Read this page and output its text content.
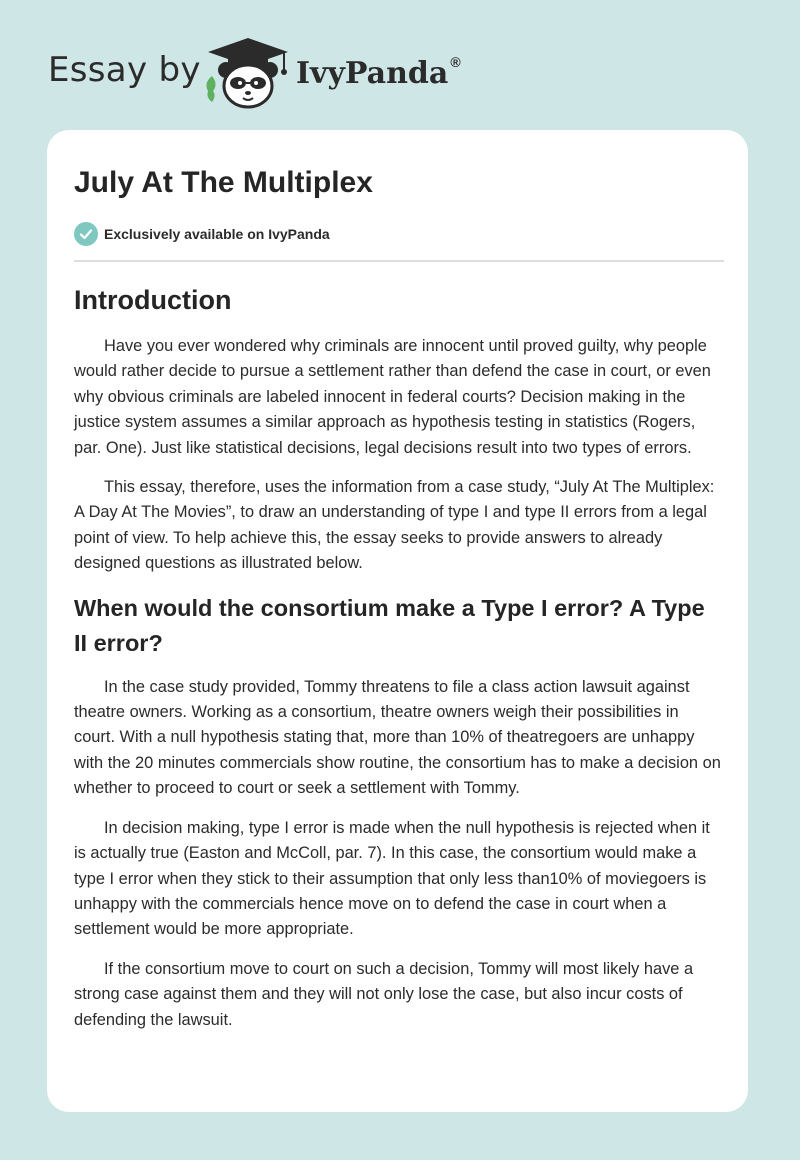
Essay by	IvyPanda ®
July At The Multiplex
Exclusively available on IvyPanda
Introduction

Have you ever wondered why criminals are innocent until proved guilty, why people would rather decide to pursue a settlement rather than defend the case in court, or even why obvious criminals are labeled innocent in federal courts? Decision making in the justice system assumes a similar approach as hypothesis testing in statistics (Rogers, par. One). Just like statistical decisions, legal decisions result into two types of errors.

This essay, therefore, uses the information from a case study, “July At The Multiplex: A Day At The Movies”, to draw an understanding of type I and type II errors from a legal point of view. To help achieve this, the essay seeks to provide answers to already designed questions as illustrated below.

When would the consortium make a Type I error? A Type II error?

In the case study provided, Tommy threatens to file a class action lawsuit against theatre owners. Working as a consortium, theatre owners weigh their possibilities in court. With a null hypothesis stating that, more than 10% of theatregoers are unhappy with the 20 minutes commercials show routine, the consortium has to make a decision on whether to proceed to court or seek a settlement with Tommy.

In decision making, type I error is made when the null hypothesis is rejected when it is actually true (Easton and McColl, par. 7). In this case, the consortium would make a type I error when they stick to their assumption that only less than10% of moviegoers is unhappy with the commercials hence move on to defend the case in court when a settlement would be more appropriate.

If the consortium move to court on such a decision, Tommy will most likely have a strong case against them and they will not only lose the case, but also incur costs of defending the lawsuit.
